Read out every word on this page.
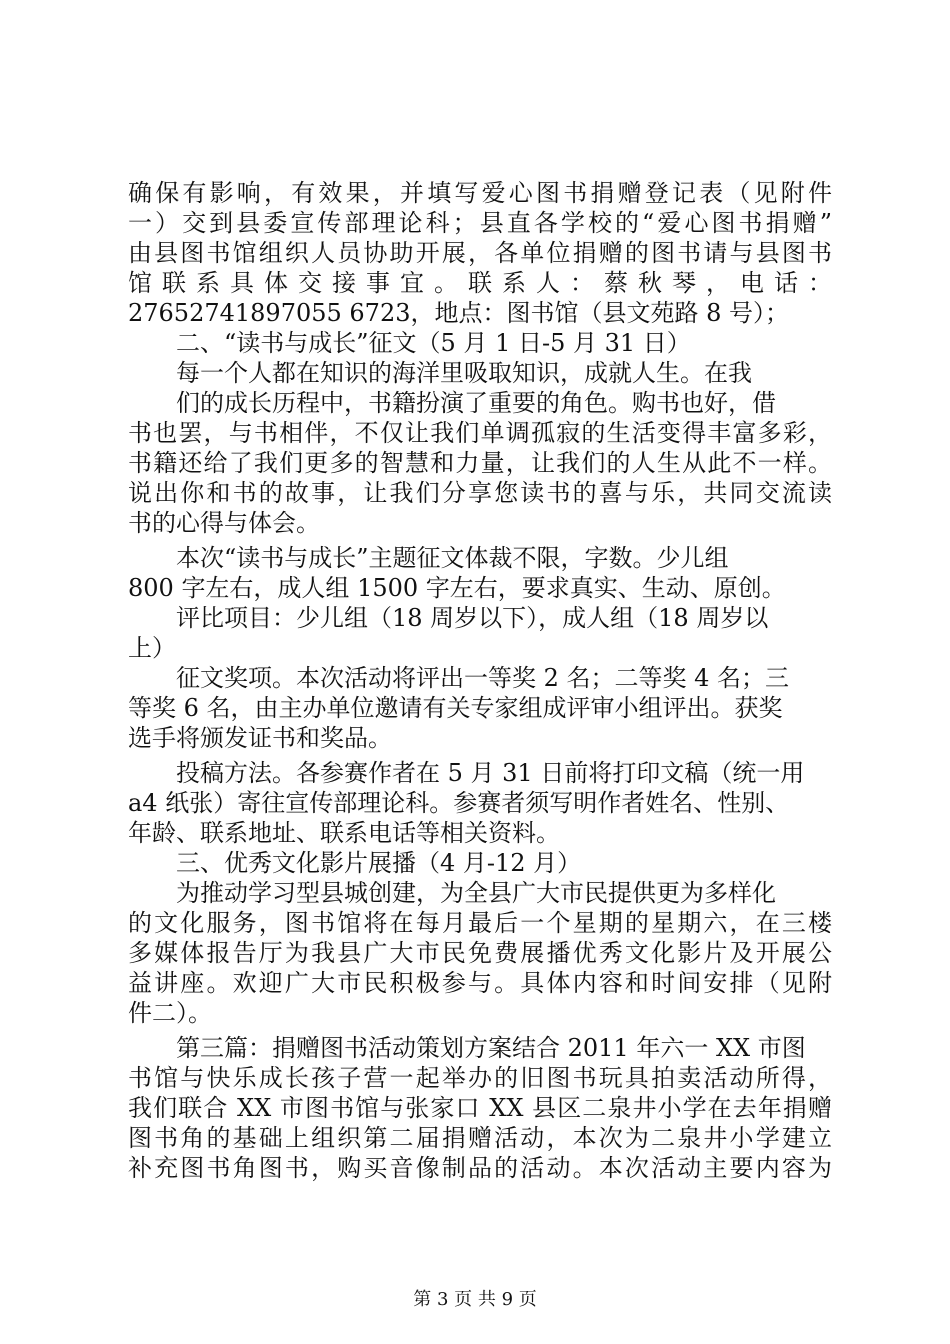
确保有影响，有效果，并填写爱心图书捐赠登记表（见附件
一）交到县委宣传部理论科；县直各学校的“爱心图书捐赠”
由县图书馆组织人员协助开展，各单位捐赠的图书请与县图书
馆联系具体交接事宜。联系人：蔡秋琴，电话：
27652741897055 6723，地点：图书馆（县文苑路 8 号）；
　　二、“读书与成长”征文（5 月 1 日-5 月 31 日）
　　每一个人都在知识的海洋里吸取知识，成就人生。在我
　　们的成长历程中，书籍扮演了重要的角色。购书也好，借
书也罢，与书相伴，不仅让我们单调孤寂的生活变得丰富多彩，
书籍还给了我们更多的智慧和力量，让我们的人生从此不一样。
说出你和书的故事，让我们分享您读书的喜与乐，共同交流读
书的心得与体会。
　　本次“读书与成长”主题征文体裁不限，字数。少儿组
800 字左右，成人组 1500 字左右，要求真实、生动、原创。
　　评比项目：少儿组（18 周岁以下），成人组（18 周岁以
上）
　　征文奖项。本次活动将评出一等奖 2 名；二等奖 4 名；三
等奖 6 名，由主办单位邀请有关专家组成评审小组评出。获奖
选手将颁发证书和奖品。
　　投稿方法。各参赛作者在 5 月 31 日前将打印文稿（统一用
a4 纸张）寄往宣传部理论科。参赛者须写明作者姓名、性别、
年龄、联系地址、联系电话等相关资料。
　　三、优秀文化影片展播（4 月-12 月）
　　为推动学习型县城创建，为全县广大市民提供更为多样化
的文化服务，图书馆将在每月最后一个星期的星期六，在三楼
多媒体报告厅为我县广大市民免费展播优秀文化影片及开展公
益讲座。欢迎广大市民积极参与。具体内容和时间安排（见附
件二）。
　　第三篇：捐赠图书活动策划方案结合 2011 年六一 XX 市图
书馆与快乐成长孩子营一起举办的旧图书玩具拍卖活动所得，
我们联合 XX 市图书馆与张家口 XX 县区二泉井小学在去年捐赠
图书角的基础上组织第二届捐赠活动，本次为二泉井小学建立
补充图书角图书，购买音像制品的活动。本次活动主要内容为
第 3 页 共 9 页
